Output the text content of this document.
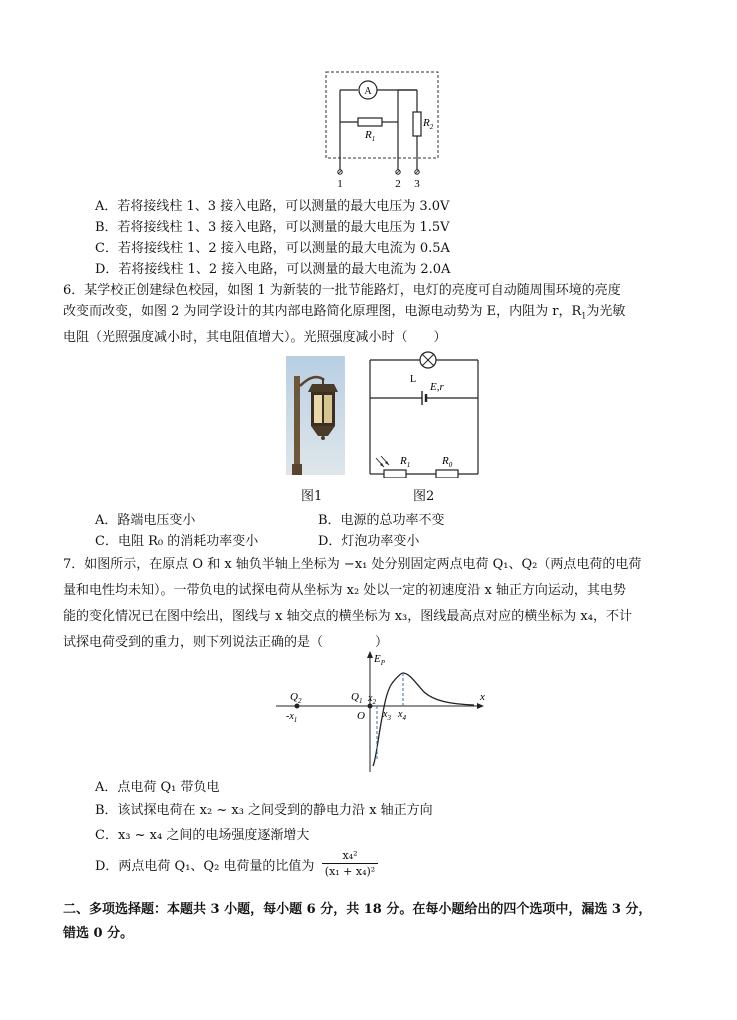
A
$R_1$
$R_2$
1	2 3
A．若将接线柱 1、3 接入电路，可以测量的最大电压为 3.0V
B．若将接线柱 1、3 接入电路，可以测量的最大电压为 1.5V
C．若将接线柱 1、2 接入电路，可以测量的最大电流为 0.5A
D．若将接线柱 1、2 接入电路，可以测量的最大电流为 2.0A
6．某学校正创建绿色校园，如图 1 为新装的一批节能路灯，电灯的亮度可自动随周围环境的亮度
改变而改变，如图 2 为同学设计的其内部电路简化原理图，电源电动势为 E，内阻为 r，$R_1$为光敏
电阻（光照强度减小时，其电阻值增大）。光照强度减小时（　　）
图1
L
E,r
$R_1$	$R_0$
图2
A．路端电压变小	B．电源的总功率不变
C．电阻 R₀ 的消耗功率变小	D．灯泡功率变小
7．如图所示，在原点 O 和 x 轴负半轴上坐标为 −x₁ 处分别固定两点电荷 Q₁、Q₂（两点电荷的电荷
量和电性均未知）。一带负电的试探电荷从坐标为 x₂ 处以一定的初速度沿 x 轴正方向运动，其电势
能的变化情况已在图中绘出，图线与 x 轴交点的横坐标为 x₃，图线最高点对应的横坐标为 x₄，不计
试探电荷受到的重力，则下列说法正确的是（　　　　）
$E_P$
x
$Q_2$	$Q_1$
$-x_1$	O
$x_2$
$x_3$ $x_4$
A．点电荷 Q₁ 带负电
B．该试探电荷在 x₂ ~ x₃ 之间受到的静电力沿 x 轴正方向
C．x₃ ~ x₄ 之间的电场强度逐渐增大
D．两点电荷 Q₁、Q₂ 电荷量的比值为 $\frac{\text{x₄²}}{\text{(x₁ + x₄)²}}$
二、多项选择题：本题共 3 小题，每小题 6 分，共 18 分。在每小题给出的四个选项中，漏选 3 分，
错选 0 分。
